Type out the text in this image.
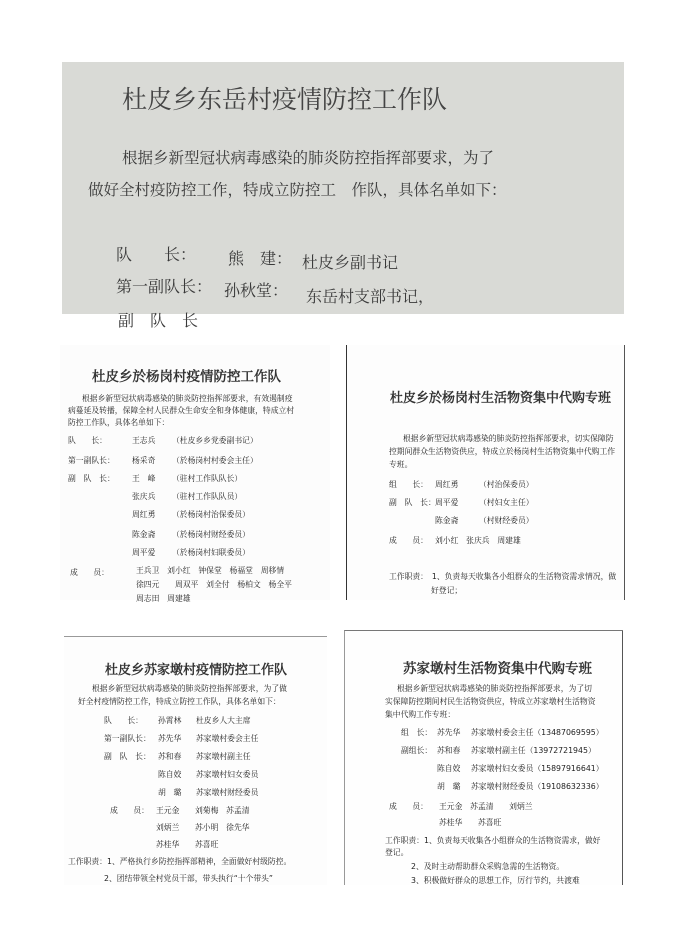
杜皮乡东岳村疫情防控工作队
根据乡新型冠状病毒感染的肺炎防控指挥部要求，为了
做好全村疫防控工作，特成立防控工　作队，具体名单如下：
队　　长： 熊　建： 杜皮乡副书记
第一副队长： 孙秋堂： 东岳村支部书记，
副　队　长
杜皮乡於杨岗村疫情防控工作队
根据乡新型冠状病毒感染的肺炎防控指挥部要求，有效遏制疫
病蔓延及转播，保障全村人民群众生命安全和身体健康，特成立村
防控工作队，具体名单如下：
队　　长：	王志兵 （杜皮乡乡党委副书记）
第一副队长： 杨采奇 （於杨岗村村委会主任）
副　队　长： 王　峰 （驻村工作队队长）
张庆兵 （驻村工作队队员）
周红勇 （於杨岗村治保委员）
陈金斋 （於杨岗村财经委员）
周平爱 （於杨岗村妇联委员）
成　　员：	王兵卫　刘小红　钟保堂　杨福堂　周移情
徐四元　　周双平　刘全付　杨柏文　杨全平
周志田　周建雄
杜皮乡於杨岗村生活物资集中代购专班
根据乡新型冠状病毒感染的肺炎防控指挥部要求，切实保障防
控期间群众生活物资供应，特成立於杨岗村生活物资集中代购工作
专班。
组　　长： 周红勇	（村治保委员）
副　队　长： 周平爱	（村妇女主任）
陈金斋	（村财经委员）
成　　员： 刘小红　张庆兵　周建雄
工作职责：　1、负责每天收集各小组群众的生活物资需求情况，做
好登记；
杜皮乡苏家墩村疫情防控工作队
根据乡新型冠状病毒感染的肺炎防控指挥部要求，为了做
好全村疫情防控工作，特成立防控工作队，具体名单如下：
队　　长： 孙霄林 杜皮乡人大主席
第一副队长： 苏先华 苏家墩村委会主任
副　队　长： 苏和春 苏家墩村副主任
陈自姣 苏家墩村妇女委员
胡　璐 苏家墩村财经委员
成　　员： 王元金　　刘菊梅　苏孟清
刘炳兰　　苏小明　徐先华
苏桂华　　苏喜旺
工作职责：1、严格执行乡防控指挥部精神，全面做好村级防控。
2、团结带领全村党员干部，带头执行“十个带头”
苏家墩村生活物资集中代购专班
根据乡新型冠状病毒感染的肺炎防控指挥部要求，为了切
实保障防控期间村民生活物资供应，特成立苏家墩村生活物资
集中代购工作专班：
组　长： 苏先华 苏家墩村委会主任（13487069595）
副组长： 苏和春 苏家墩村副主任（13972721945）
陈自姣 苏家墩村妇女委员（15897916641）
胡　璐 苏家墩村财经委员（19108632336）
成　　员： 王元金　苏孟清　　刘炳兰
苏桂华　　苏喜旺
工作职责：1、负责每天收集各小组群众的生活物资需求，做好
登记。
2、及时主动帮助群众采购急需的生活物资。
3、积极做好群众的思想工作，厉行节约，共渡难
